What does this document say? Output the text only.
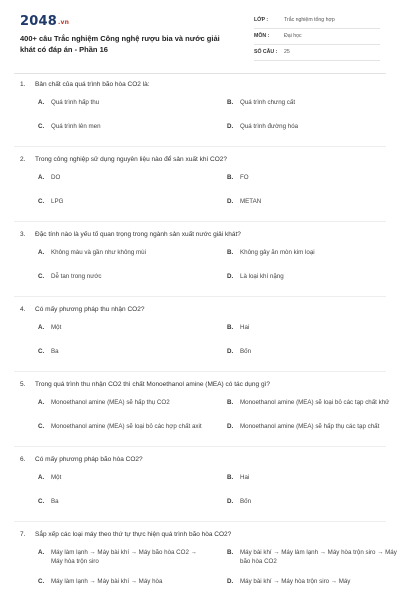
2048.vn
400+ câu Trắc nghiệm Công nghệ rượu bia và nước giải khát có đáp án - Phần 16
LỚP :	Trắc nghiệm tổng hợp
MÔN :	Đại học
SỐ CÂU : 25
1. Bản chất của quá trình bão hòa CO2 là:
A. Quá trình hấp thu	B. Quá trình chưng cất
C. Quá trình lên men	D. Quá trình đường hóa
2. Trong công nghiệp sử dụng nguyên liệu nào để sản xuất khí CO2?
A. DO	B. FO
C. LPG	D. METAN
3. Đặc tính nào là yếu tố quan trọng trong ngành sản xuất nước giải khát?
A. Không màu và gần như không mùi	B. Không gây ăn mòn kim loại
C. Dễ tan trong nước	D. Là loại khí nặng
4. Có mấy phương pháp thu nhận CO2?
A. Một	B. Hai
C. Ba	D. Bốn
5. Trong quá trình thu nhận CO2 thì chất Monoethanol amine (MEA) có tác dụng gì?
A. Monoethanol amine (MEA) sẽ hấp thụ CO2	B. Monoethanol amine (MEA) sẽ loại bỏ các tạp chất khử
C. Monoethanol amine (MEA) sẽ loại bỏ các hợp chất axit	D. Monoethanol amine (MEA) sẽ hấp thụ các tạp chất
6. Có mấy phương pháp bão hòa CO2?
A. Một	B. Hai
C. Ba	D. Bốn
7. Sắp xếp các loại máy theo thứ tự thực hiện quá trình bão hòa CO2?
A. Máy làm lạnh → Máy bài khí → Máy bão hòa CO2 → Máy hòa trộn siro
B. Máy bài khí → Máy làm lạnh → Máy hòa trộn siro → Máy bão hòa CO2
C. Máy làm lạnh → Máy bài khí → Máy hòa	D. Máy bài khí → Máy hòa trộn siro → Máy
